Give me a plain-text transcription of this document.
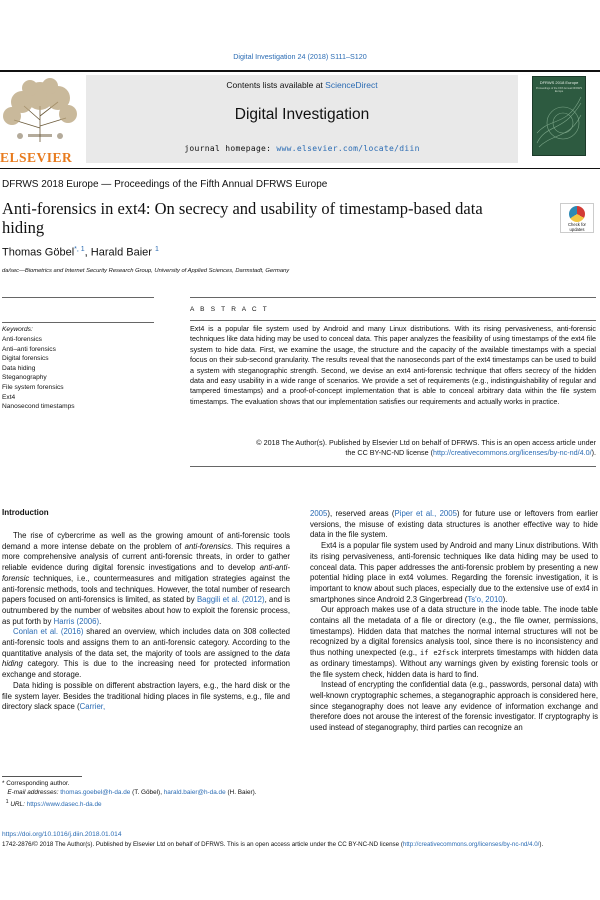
Digital Investigation 24 (2018) S111–S120
ELSEVIER
Contents lists available at ScienceDirect
Digital Investigation
journal homepage: www.elsevier.com/locate/diin
DFRWS 2018 Europe
Proceedings of the Fifth Annual DFRWS Europe
DFRWS 2018 Europe — Proceedings of the Fifth Annual DFRWS Europe
Anti-forensics in ext4: On secrecy and usability of timestamp-based data hiding	Check for updates
Thomas Göbel$^{*, 1}$, Harald Baier $^1$
da/sec—Biometrics and Internet Security Research Group, University of Applied Sciences, Darmstadt, Germany
A B S T R A C T
Keywords:
Anti-forensics
Anti–anti forensics
Digital forensics
Data hiding
Steganography
File system forensics
Ext4
Nanosecond timestamps
Ext4 is a popular file system used by Android and many Linux distributions. With its rising pervasiveness, anti-forensic techniques like data hiding may be used to conceal data. This paper analyzes the feasibility of using timestamps of the ext4 file system to hide data. First, we examine the usage, the structure and the capacity of the available timestamps with a special focus on their sub-second granularity. The results reveal that the nanoseconds part of the ext4 timestamps can be used to build a system with steganographic strength. Second, we devise an ext4 anti-forensic technique that offers secrecy of the hidden data and easy usability in a wide range of scenarios. We provide a set of requirements (e.g., indistinguishability of regular and tampered timestamps) and a proof-of-concept implementation that is able to conceal arbitrary data within the file system timestamps. The evaluation shows that our implementation satisfies our requirements and actually works in practice.
© 2018 The Author(s). Published by Elsevier Ltd on behalf of DFRWS. This is an open access article under
the CC BY-NC-ND license (http://creativecommons.org/licenses/by-nc-nd/4.0/).
Introduction

The rise of cybercrime as well as the growing amount of anti-forensic tools demand a more intense debate on the problem of anti-forensics. This requires a more comprehensive analysis of current anti-forensic threats, in order to gather reliable evidence during digital forensic investigations and to develop anti-anti-forensic techniques, i.e., countermeasures and mitigation strategies against the anti-forensic methods, tools and techniques. However, the total number of research papers focused on anti-forensics is limited, as stated by Baggili et al. (2012), and is outnumbered by the number of websites about how to exploit the forensic process, as put forth by Harris (2006).

Conlan et al. (2016) shared an overview, which includes data on 308 collected anti-forensic tools and assigns them to an anti-forensic category. According to the quantitative analysis of the data set, the majority of tools are assigned to the data hiding category. This is due to the increasing need for protected information exchange and storage.

Data hiding is possible on different abstraction layers, e.g., the hard disk or the file system layer. Besides the traditional hiding places in file systems, e.g., file and directory slack space (Carrier,

2005), reserved areas (Piper et al., 2005) for future use or leftovers from earlier versions, the misuse of existing data structures is another effective way to hide data in the file system.

Ext4 is a popular file system used by Android and many Linux distributions. With its rising pervasiveness, anti-forensic techniques like data hiding may be used to conceal data. This paper addresses the anti-forensic problem by presenting a new potential hiding place in ext4 volumes. Regarding the forensic investigation, it is important to know about such places, especially due to the extensive use of ext4 in smartphones since Android 2.3 Gingerbread (Ts'o, 2010).

Our approach makes use of a data structure in the inode table. The inode table contains all the metadata of a file or directory (e.g., the file owner, permissions, timestamps). Hidden data that matches the normal internal structures will not be recognized by a digital forensics analysis tool, since there is no inconsistency and thus nothing unexpected (e.g., if e2fsck interprets timestamps with hidden data as ordinary timestamps). Without any warnings given by existing forensic tools or the file system check, hidden data is hard to find.

Instead of encrypting the confidential data (e.g., passwords, personal data) with well-known cryptographic schemes, a steganographic approach is considered here, since steganography does not leave any evidence of information exchange and therefore does not arouse the interest of the forensic investigator. If cryptography is used instead of steganography, third parties can recognize an

* Corresponding author.
E-mail addresses: thomas.goebel@h-da.de (T. Göbel), harald.baier@h-da.de (H. Baier).
$^1$ URL: https://www.dasec.h-da.de
https://doi.org/10.1016/j.diin.2018.01.014
1742-2876/© 2018 The Author(s). Published by Elsevier Ltd on behalf of DFRWS. This is an open access article under the CC BY-NC-ND license (http://creativecommons.org/licenses/by-nc-nd/4.0/).
